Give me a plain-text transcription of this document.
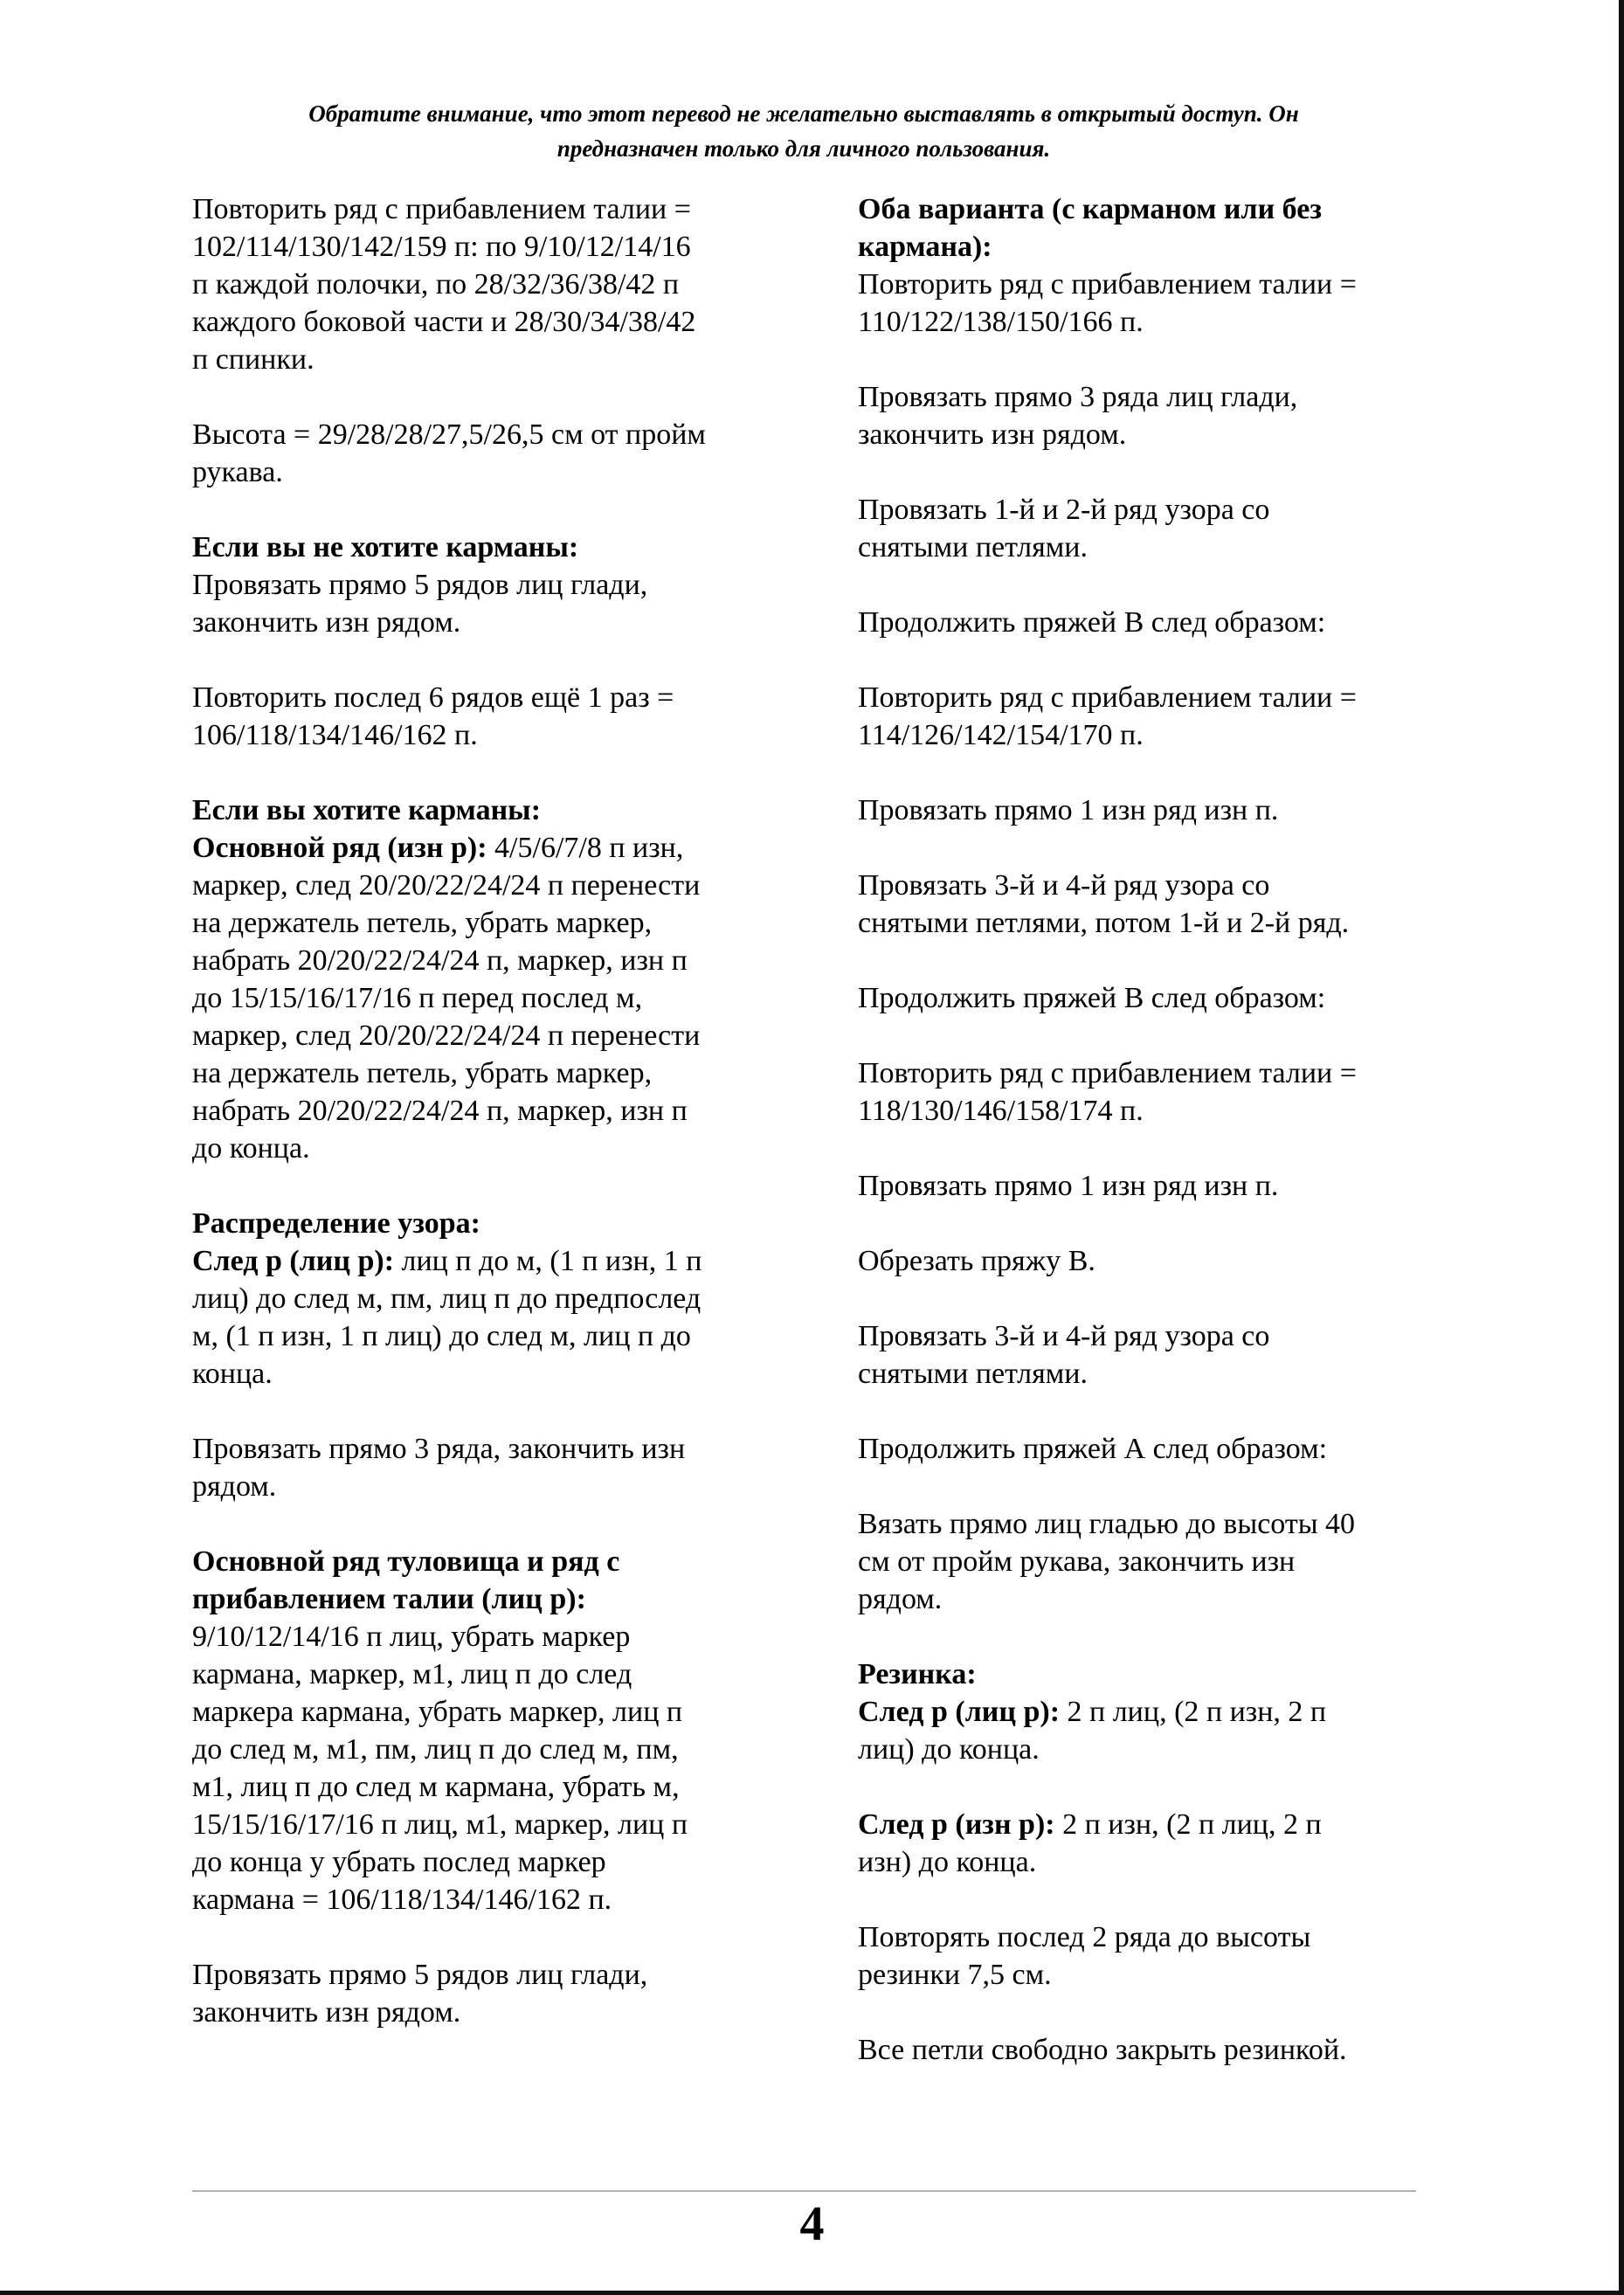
Обратите внимание, что этот перевод не желательно выставлять в открытый доступ. Он
предназначен только для личного пользования.
Повторить ряд с прибавлением талии =
102/114/130/142/159 п: по 9/10/12/14/16
п каждой полочки, по 28/32/36/38/42 п
каждого боковой части и 28/30/34/38/42
п спинки.
Высота = 29/28/28/27,5/26,5 см от пройм
рукава.
Если вы не хотите карманы:
Провязать прямо 5 рядов лиц глади,
закончить изн рядом.
Повторить послед 6 рядов ещё 1 раз =
106/118/134/146/162 п.
Если вы хотите карманы:
Основной ряд (изн р): 4/5/6/7/8 п изн,
маркер, след 20/20/22/24/24 п перенести
на держатель петель, убрать маркер,
набрать 20/20/22/24/24 п, маркер, изн п
до 15/15/16/17/16 п перед послед м,
маркер, след 20/20/22/24/24 п перенести
на держатель петель, убрать маркер,
набрать 20/20/22/24/24 п, маркер, изн п
до конца.
Распределение узора:
След р (лиц р): лиц п до м, (1 п изн, 1 п
лиц) до след м, пм, лиц п до предпослед
м, (1 п изн, 1 п лиц) до след м, лиц п до
конца.
Провязать прямо 3 ряда, закончить изн
рядом.
Основной ряд туловища и ряд с
прибавлением талии (лиц р):
9/10/12/14/16 п лиц, убрать маркер
кармана, маркер, м1, лиц п до след
маркера кармана, убрать маркер, лиц п
до след м, м1, пм, лиц п до след м, пм,
м1, лиц п до след м кармана, убрать м,
15/15/16/17/16 п лиц, м1, маркер, лиц п
до конца у убрать послед маркер
кармана = 106/118/134/146/162 п.
Провязать прямо 5 рядов лиц глади,
закончить изн рядом.
Оба варианта (с карманом или без
кармана):
Повторить ряд с прибавлением талии =
110/122/138/150/166 п.
Провязать прямо 3 ряда лиц глади,
закончить изн рядом.
Провязать 1-й и 2-й ряд узора со
снятыми петлями.
Продолжить пряжей В след образом:
Повторить ряд с прибавлением талии =
114/126/142/154/170 п.
Провязать прямо 1 изн ряд изн п.
Провязать 3-й и 4-й ряд узора со
снятыми петлями, потом 1-й и 2-й ряд.
Продолжить пряжей В след образом:
Повторить ряд с прибавлением талии =
118/130/146/158/174 п.
Провязать прямо 1 изн ряд изн п.
Обрезать пряжу В.
Провязать 3-й и 4-й ряд узора со
снятыми петлями.
Продолжить пряжей А след образом:
Вязать прямо лиц гладью до высоты 40
см от пройм рукава, закончить изн
рядом.
Резинка:
След р (лиц р): 2 п лиц, (2 п изн, 2 п
лиц) до конца.
След р (изн р): 2 п изн, (2 п лиц, 2 п
изн) до конца.
Повторять послед 2 ряда до высоты
резинки 7,5 см.
Все петли свободно закрыть резинкой.
4
